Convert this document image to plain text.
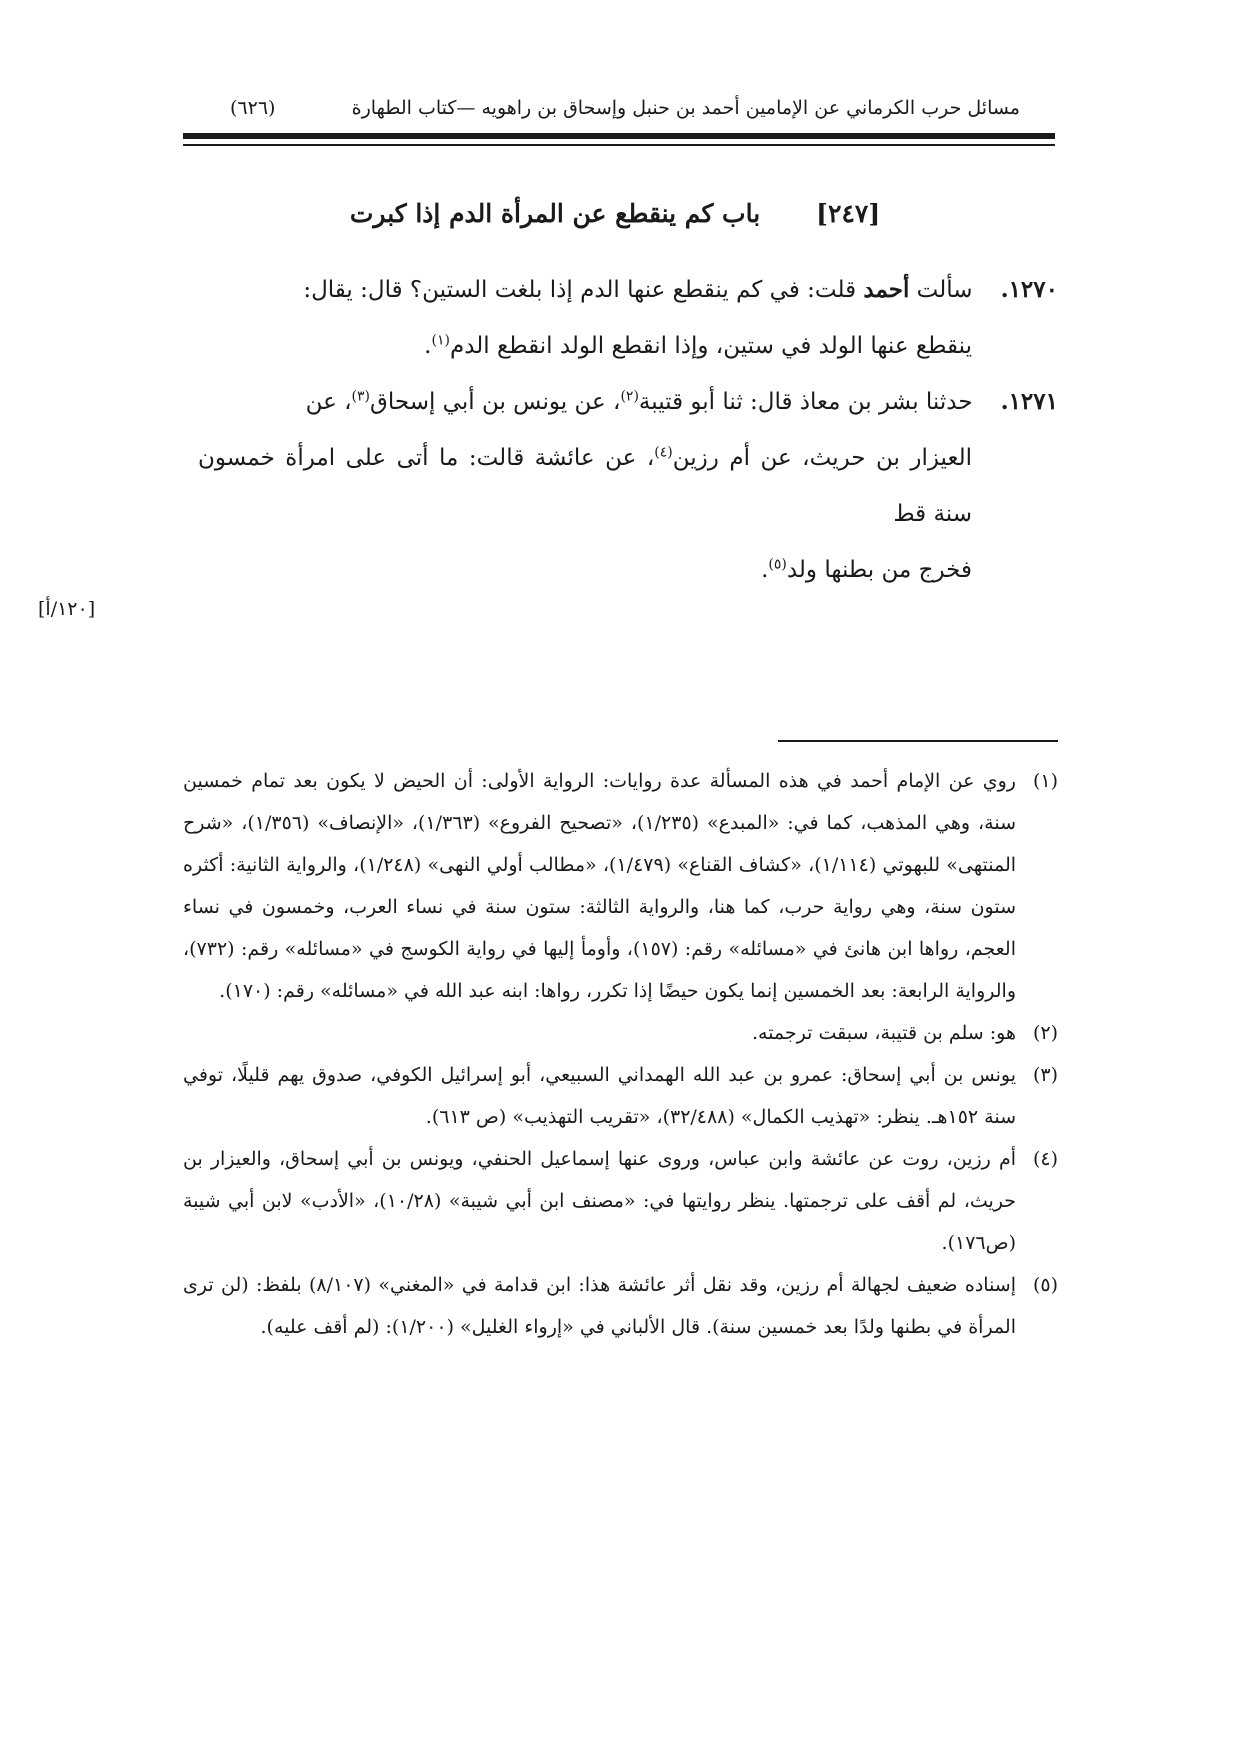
مسائل حرب الكرماني عن الإمامين أحمد بن حنبل وإسحاق بن راهويه —كتاب الطهارة
(٦٢٦)
[٢٤٧]
باب كم ينقطع عن المرأة الدم إذا كبرت
١٢٧٠.سألت أحمد قلت: في كم ينقطع عنها الدم إذا بلغت الستين؟ قال: يقال:
ينقطع عنها الولد في ستين، وإذا انقطع الولد انقطع الدم$^{(١)}$.
١٢٧١.حدثنا بشر بن معاذ قال: ثنا أبو قتيبة$^{(٢)}$، عن يونس بن أبي إسحاق$^{(٣)}$، عن
العيزار بن حريث، عن أم رزين$^{(٤)}$، عن عائشة قالت: ما أتى على امرأة خمسون سنة قط
فخرج من بطنها ولد$^{(٥)}$.
[١٢٠/أ]
(١)
روي عن الإمام أحمد في هذه المسألة عدة روايات: الرواية الأولى: أن الحيض لا يكون بعد تمام خمسين سنة، وهي المذهب، كما في: «المبدع» (١/٢٣٥)، «تصحيح الفروع» (١/٣٦٣)، «الإنصاف» (١/٣٥٦)، «شرح المنتهى» للبهوتي (١/١١٤)، «كشاف القناع» (١/٤٧٩)، «مطالب أولي النهى» (١/٢٤٨)، والرواية الثانية: أكثره ستون سنة، وهي رواية حرب، كما هنا، والرواية الثالثة: ستون سنة في نساء العرب، وخمسون في نساء العجم، رواها ابن هانئ في «مسائله» رقم: (١٥٧)، وأومأ إليها في رواية الكوسج في «مسائله» رقم: (٧٣٢)، والرواية الرابعة: بعد الخمسين إنما يكون حيضًا إذا تكرر، رواها: ابنه عبد الله في «مسائله» رقم: (١٧٠).
(٢)
هو: سلم بن قتيبة، سبقت ترجمته.
(٣)
يونس بن أبي إسحاق: عمرو بن عبد الله الهمداني السبيعي، أبو إسرائيل الكوفي، صدوق يهم قليلًا، توفي سنة ١٥٢هـ. ينظر: «تهذيب الكمال» (٣٢/٤٨٨)، «تقريب التهذيب» (ص ٦١٣).
(٤)
أم رزين، روت عن عائشة وابن عباس، وروى عنها إسماعيل الحنفي، ويونس بن أبي إسحاق، والعيزار بن حريث، لم أقف على ترجمتها. ينظر روايتها في: «مصنف ابن أبي شيبة» (١٠/٢٨)، «الأدب» لابن أبي شيبة (ص١٧٦).
(٥)
إسناده ضعيف لجهالة أم رزين، وقد نقل أثر عائشة هذا: ابن قدامة في «المغني» (٨/١٠٧) بلفظ: (لن ترى المرأة في بطنها ولدًا بعد خمسين سنة). قال الألباني في «إرواء الغليل» (١/٢٠٠): (لم أقف عليه).
